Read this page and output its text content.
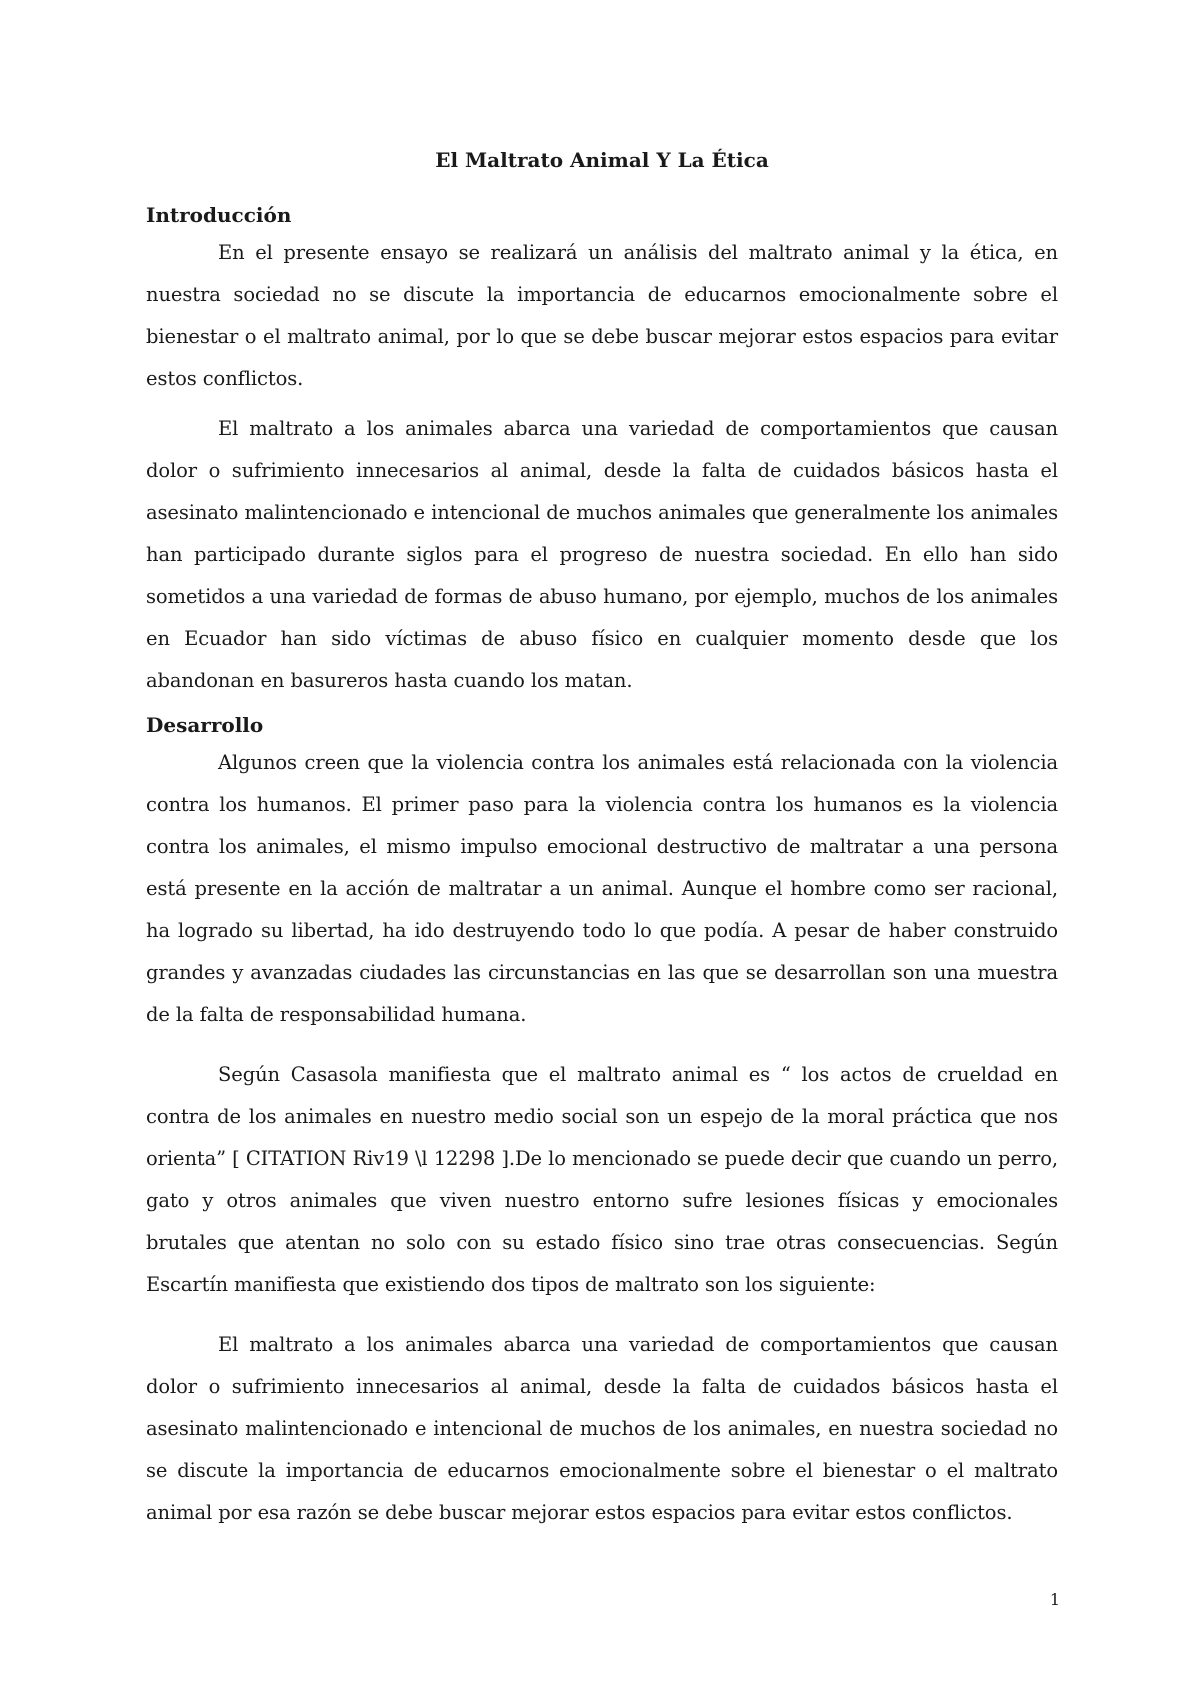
El Maltrato Animal Y La Ética
Introducción

En el presente ensayo se realizará un análisis del maltrato animal y la ética, en nuestra sociedad no se discute la importancia de educarnos emocionalmente sobre el bienestar o el maltrato animal, por lo que se debe buscar mejorar estos espacios para evitar estos conflictos.

El maltrato a los animales abarca una variedad de comportamientos que causan dolor o sufrimiento innecesarios al animal, desde la falta de cuidados básicos hasta el asesinato malintencionado e intencional de muchos animales que generalmente los animales han participado durante siglos para el progreso de nuestra sociedad. En ello han sido sometidos a una variedad de formas de abuso humano, por ejemplo, muchos de los animales en Ecuador han sido víctimas de abuso físico en cualquier momento desde que los abandonan en basureros hasta cuando los matan.

Desarrollo

Algunos creen que la violencia contra los animales está relacionada con la violencia contra los humanos. El primer paso para la violencia contra los humanos es la violencia contra los animales, el mismo impulso emocional destructivo de maltratar a una persona está presente en la acción de maltratar a un animal. Aunque el hombre como ser racional, ha logrado su libertad, ha ido destruyendo todo lo que podía. A pesar de haber construido grandes y avanzadas ciudades las circunstancias en las que se desarrollan son una muestra de la falta de responsabilidad humana.

Según Casasola manifiesta que el maltrato animal es “ los actos de crueldad en contra de los animales en nuestro medio social son un espejo de la moral práctica que nos orienta” [ CITATION Riv19 \l 12298 ].De lo mencionado se puede decir que cuando un perro, gato y otros animales que viven nuestro entorno sufre lesiones físicas y emocionales brutales que atentan no solo con su estado físico sino trae otras consecuencias. Según Escartín manifiesta que existiendo dos tipos de maltrato son los siguiente:

El maltrato a los animales abarca una variedad de comportamientos que causan dolor o sufrimiento innecesarios al animal, desde la falta de cuidados básicos hasta el asesinato malintencionado e intencional de muchos de los animales, en nuestra sociedad no se discute la importancia de educarnos emocionalmente sobre el bienestar o el maltrato animal por esa razón se debe buscar mejorar estos espacios para evitar estos conflictos.

1
